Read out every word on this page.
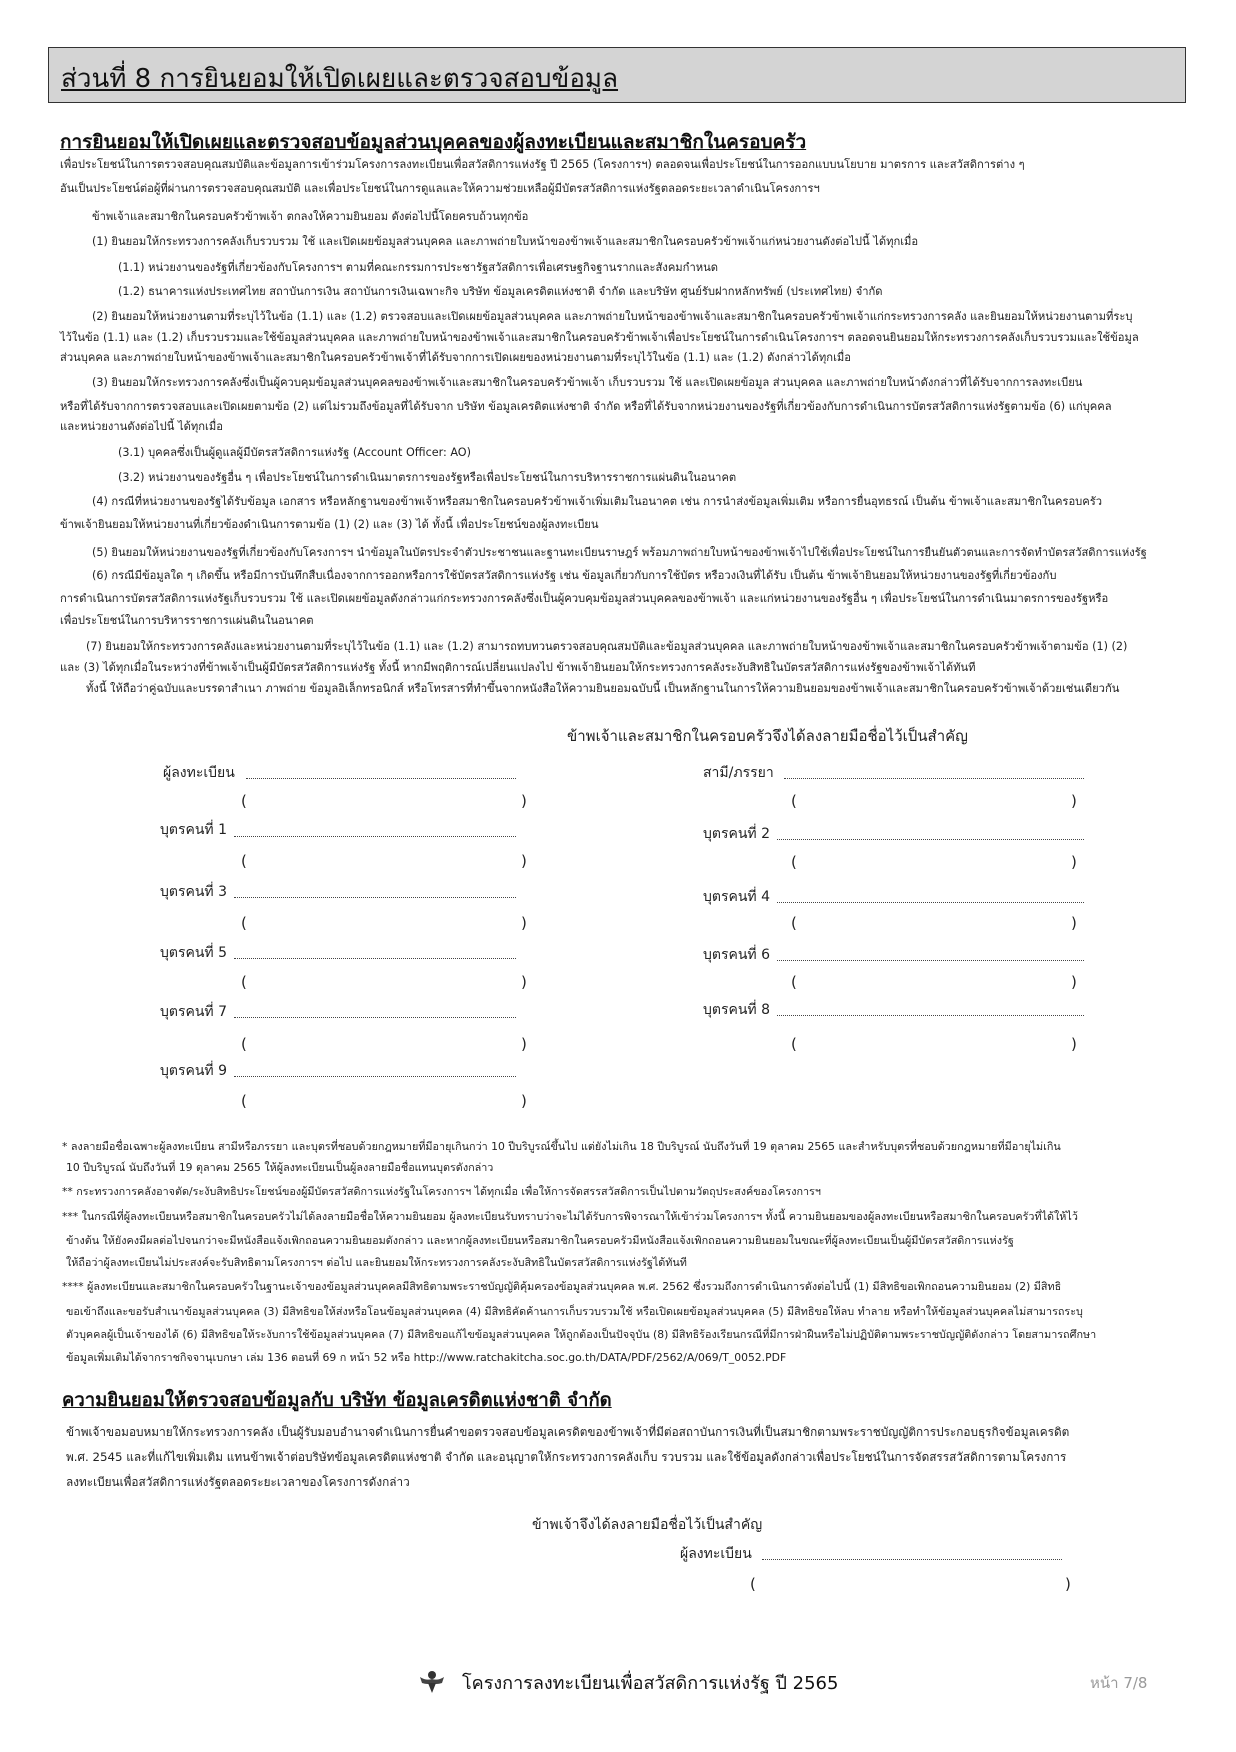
ส่วนที่ 8 การยินยอมให้เปิดเผยและตรวจสอบข้อมูล
การยินยอมให้เปิดเผยและตรวจสอบข้อมูลส่วนบุคคลของผู้ลงทะเบียนและสมาชิกในครอบครัว
เพื่อประโยชน์ในการตรวจสอบคุณสมบัติและข้อมูลการเข้าร่วมโครงการลงทะเบียนเพื่อสวัสดิการแห่งรัฐ ปี 2565 (โครงการฯ) ตลอดจนเพื่อประโยชน์ในการออกแบบนโยบาย มาตรการ และสวัสดิการต่าง ๆ
อันเป็นประโยชน์ต่อผู้ที่ผ่านการตรวจสอบคุณสมบัติ และเพื่อประโยชน์ในการดูแลและให้ความช่วยเหลือผู้มีบัตรสวัสดิการแห่งรัฐตลอดระยะเวลาดำเนินโครงการฯ
ข้าพเจ้าและสมาชิกในครอบครัวข้าพเจ้า ตกลงให้ความยินยอม ดังต่อไปนี้โดยครบถ้วนทุกข้อ
(1) ยินยอมให้กระทรวงการคลังเก็บรวบรวม ใช้ และเปิดเผยข้อมูลส่วนบุคคล และภาพถ่ายใบหน้าของข้าพเจ้าและสมาชิกในครอบครัวข้าพเจ้าแก่หน่วยงานดังต่อไปนี้ ได้ทุกเมื่อ
(1.1) หน่วยงานของรัฐที่เกี่ยวข้องกับโครงการฯ ตามที่คณะกรรมการประชารัฐสวัสดิการเพื่อเศรษฐกิจฐานรากและสังคมกำหนด
(1.2) ธนาคารแห่งประเทศไทย สถาบันการเงิน สถาบันการเงินเฉพาะกิจ บริษัท ข้อมูลเครดิตแห่งชาติ จำกัด และบริษัท ศูนย์รับฝากหลักทรัพย์ (ประเทศไทย) จำกัด
(2) ยินยอมให้หน่วยงานตามที่ระบุไว้ในข้อ (1.1) และ (1.2) ตรวจสอบและเปิดเผยข้อมูลส่วนบุคคล และภาพถ่ายใบหน้าของข้าพเจ้าและสมาชิกในครอบครัวข้าพเจ้าแก่กระทรวงการคลัง และยินยอมให้หน่วยงานตามที่ระบุ
ไว้ในข้อ (1.1) และ (1.2) เก็บรวบรวมและใช้ข้อมูลส่วนบุคคล และภาพถ่ายใบหน้าของข้าพเจ้าและสมาชิกในครอบครัวข้าพเจ้าเพื่อประโยชน์ในการดำเนินโครงการฯ ตลอดจนยินยอมให้กระทรวงการคลังเก็บรวบรวมและใช้ข้อมูล
ส่วนบุคคล และภาพถ่ายใบหน้าของข้าพเจ้าและสมาชิกในครอบครัวข้าพเจ้าที่ได้รับจากการเปิดเผยของหน่วยงานตามที่ระบุไว้ในข้อ (1.1) และ (1.2) ดังกล่าวได้ทุกเมื่อ
(3) ยินยอมให้กระทรวงการคลังซึ่งเป็นผู้ควบคุมข้อมูลส่วนบุคคลของข้าพเจ้าและสมาชิกในครอบครัวข้าพเจ้า เก็บรวบรวม ใช้ และเปิดเผยข้อมูล ส่วนบุคคล และภาพถ่ายใบหน้าดังกล่าวที่ได้รับจากการลงทะเบียน
หรือที่ได้รับจากการตรวจสอบและเปิดเผยตามข้อ (2) แต่ไม่รวมถึงข้อมูลที่ได้รับจาก บริษัท ข้อมูลเครดิตแห่งชาติ จำกัด หรือที่ได้รับจากหน่วยงานของรัฐที่เกี่ยวข้องกับการดำเนินการบัตรสวัสดิการแห่งรัฐตามข้อ (6) แก่บุคคล
และหน่วยงานดังต่อไปนี้ ได้ทุกเมื่อ
(3.1) บุคคลซึ่งเป็นผู้ดูแลผู้มีบัตรสวัสดิการแห่งรัฐ (Account Officer: AO)
(3.2) หน่วยงานของรัฐอื่น ๆ เพื่อประโยชน์ในการดำเนินมาตรการของรัฐหรือเพื่อประโยชน์ในการบริหารราชการแผ่นดินในอนาคต
(4) กรณีที่หน่วยงานของรัฐได้รับข้อมูล เอกสาร หรือหลักฐานของข้าพเจ้าหรือสมาชิกในครอบครัวข้าพเจ้าเพิ่มเติมในอนาคต เช่น การนำส่งข้อมูลเพิ่มเติม หรือการยื่นอุทธรณ์ เป็นต้น ข้าพเจ้าและสมาชิกในครอบครัว
ข้าพเจ้ายินยอมให้หน่วยงานที่เกี่ยวข้องดำเนินการตามข้อ (1) (2) และ (3) ได้ ทั้งนี้ เพื่อประโยชน์ของผู้ลงทะเบียน
(5) ยินยอมให้หน่วยงานของรัฐที่เกี่ยวข้องกับโครงการฯ นำข้อมูลในบัตรประจำตัวประชาชนและฐานทะเบียนราษฎร์ พร้อมภาพถ่ายใบหน้าของข้าพเจ้าไปใช้เพื่อประโยชน์ในการยืนยันตัวตนและการจัดทำบัตรสวัสดิการแห่งรัฐ
(6) กรณีมีข้อมูลใด ๆ เกิดขึ้น หรือมีการบันทึกสืบเนื่องจากการออกหรือการใช้บัตรสวัสดิการแห่งรัฐ เช่น ข้อมูลเกี่ยวกับการใช้บัตร หรือวงเงินที่ได้รับ เป็นต้น ข้าพเจ้ายินยอมให้หน่วยงานของรัฐที่เกี่ยวข้องกับ
การดำเนินการบัตรสวัสดิการแห่งรัฐเก็บรวบรวม ใช้ และเปิดเผยข้อมูลดังกล่าวแก่กระทรวงการคลังซึ่งเป็นผู้ควบคุมข้อมูลส่วนบุคคลของข้าพเจ้า และแก่หน่วยงานของรัฐอื่น ๆ เพื่อประโยชน์ในการดำเนินมาตรการของรัฐหรือ
เพื่อประโยชน์ในการบริหารราชการแผ่นดินในอนาคต
(7) ยินยอมให้กระทรวงการคลังและหน่วยงานตามที่ระบุไว้ในข้อ (1.1) และ (1.2) สามารถทบทวนตรวจสอบคุณสมบัติและข้อมูลส่วนบุคคล และภาพถ่ายใบหน้าของข้าพเจ้าและสมาชิกในครอบครัวข้าพเจ้าตามข้อ (1) (2)
และ (3) ได้ทุกเมื่อในระหว่างที่ข้าพเจ้าเป็นผู้มีบัตรสวัสดิการแห่งรัฐ ทั้งนี้ หากมีพฤติการณ์เปลี่ยนแปลงไป ข้าพเจ้ายินยอมให้กระทรวงการคลังระงับสิทธิในบัตรสวัสดิการแห่งรัฐของข้าพเจ้าได้ทันที
ทั้งนี้ ให้ถือว่าคู่ฉบับและบรรดาสำเนา ภาพถ่าย ข้อมูลอิเล็กทรอนิกส์ หรือโทรสารที่ทำขึ้นจากหนังสือให้ความยินยอมฉบับนี้ เป็นหลักฐานในการให้ความยินยอมของข้าพเจ้าและสมาชิกในครอบครัวข้าพเจ้าด้วยเช่นเดียวกัน
ข้าพเจ้าและสมาชิกในครอบครัวจึงได้ลงลายมือชื่อไว้เป็นสำคัญ
ผู้ลงทะเบียน
(	)
บุตรคนที่ 1
(	)
บุตรคนที่ 3
(	)
บุตรคนที่ 5
(	)
บุตรคนที่ 7
(	)
บุตรคนที่ 9
(	)
สามี/ภรรยา
(	)
บุตรคนที่ 2
(	)
บุตรคนที่ 4
(	)
บุตรคนที่ 6
(	)
บุตรคนที่ 8
(	)
* ลงลายมือชื่อเฉพาะผู้ลงทะเบียน สามีหรือภรรยา และบุตรที่ชอบด้วยกฎหมายที่มีอายุเกินกว่า 10 ปีบริบูรณ์ขึ้นไป แต่ยังไม่เกิน 18 ปีบริบูรณ์ นับถึงวันที่ 19 ตุลาคม 2565 และสำหรับบุตรที่ชอบด้วยกฎหมายที่มีอายุไม่เกิน
10 ปีบริบูรณ์ นับถึงวันที่ 19 ตุลาคม 2565 ให้ผู้ลงทะเบียนเป็นผู้ลงลายมือชื่อแทนบุตรดังกล่าว
** กระทรวงการคลังอาจตัด/ระงับสิทธิประโยชน์ของผู้มีบัตรสวัสดิการแห่งรัฐในโครงการฯ ได้ทุกเมื่อ เพื่อให้การจัดสรรสวัสดิการเป็นไปตามวัตถุประสงค์ของโครงการฯ
*** ในกรณีที่ผู้ลงทะเบียนหรือสมาชิกในครอบครัวไม่ได้ลงลายมือชื่อให้ความยินยอม ผู้ลงทะเบียนรับทราบว่าจะไม่ได้รับการพิจารณาให้เข้าร่วมโครงการฯ ทั้งนี้ ความยินยอมของผู้ลงทะเบียนหรือสมาชิกในครอบครัวที่ได้ให้ไว้
ข้างต้น ให้ยังคงมีผลต่อไปจนกว่าจะมีหนังสือแจ้งเพิกถอนความยินยอมดังกล่าว และหากผู้ลงทะเบียนหรือสมาชิกในครอบครัวมีหนังสือแจ้งเพิกถอนความยินยอมในขณะที่ผู้ลงทะเบียนเป็นผู้มีบัตรสวัสดิการแห่งรัฐ
ให้ถือว่าผู้ลงทะเบียนไม่ประสงค์จะรับสิทธิตามโครงการฯ ต่อไป และยินยอมให้กระทรวงการคลังระงับสิทธิในบัตรสวัสดิการแห่งรัฐได้ทันที
**** ผู้ลงทะเบียนและสมาชิกในครอบครัวในฐานะเจ้าของข้อมูลส่วนบุคคลมีสิทธิตามพระราชบัญญัติคุ้มครองข้อมูลส่วนบุคคล พ.ศ. 2562 ซึ่งรวมถึงการดำเนินการดังต่อไปนี้ (1) มีสิทธิขอเพิกถอนความยินยอม (2) มีสิทธิ
ขอเข้าถึงและขอรับสำเนาข้อมูลส่วนบุคคล (3) มีสิทธิขอให้ส่งหรือโอนข้อมูลส่วนบุคคล (4) มีสิทธิคัดค้านการเก็บรวบรวมใช้ หรือเปิดเผยข้อมูลส่วนบุคคล (5) มีสิทธิขอให้ลบ ทำลาย หรือทำให้ข้อมูลส่วนบุคคลไม่สามารถระบุ
ตัวบุคคลผู้เป็นเจ้าของได้ (6) มีสิทธิขอให้ระงับการใช้ข้อมูลส่วนบุคคล (7) มีสิทธิขอแก้ไขข้อมูลส่วนบุคคล ให้ถูกต้องเป็นปัจจุบัน (8) มีสิทธิร้องเรียนกรณีที่มีการฝ่าฝืนหรือไม่ปฏิบัติตามพระราชบัญญัติดังกล่าว โดยสามารถศึกษา
ข้อมูลเพิ่มเติมได้จากราชกิจจานุเบกษา เล่ม 136 ตอนที่ 69 ก หน้า 52 หรือ http://www.ratchakitcha.soc.go.th/DATA/PDF/2562/A/069/T_0052.PDF
ความยินยอมให้ตรวจสอบข้อมูลกับ บริษัท ข้อมูลเครดิตแห่งชาติ จำกัด
ข้าพเจ้าขอมอบหมายให้กระทรวงการคลัง เป็นผู้รับมอบอำนาจดำเนินการยื่นคำขอตรวจสอบข้อมูลเครดิตของข้าพเจ้าที่มีต่อสถาบันการเงินที่เป็นสมาชิกตามพระราชบัญญัติการประกอบธุรกิจข้อมูลเครดิต
พ.ศ. 2545 และที่แก้ไขเพิ่มเติม แทนข้าพเจ้าต่อบริษัทข้อมูลเครดิตแห่งชาติ จำกัด และอนุญาตให้กระทรวงการคลังเก็บ รวบรวม และใช้ข้อมูลดังกล่าวเพื่อประโยชน์ในการจัดสรรสวัสดิการตามโครงการ
ลงทะเบียนเพื่อสวัสดิการแห่งรัฐตลอดระยะเวลาของโครงการดังกล่าว
ข้าพเจ้าจึงได้ลงลายมือชื่อไว้เป็นสำคัญ
ผู้ลงทะเบียน
(	)
โครงการลงทะเบียนเพื่อสวัสดิการแห่งรัฐ ปี 2565	หน้า 7/8
